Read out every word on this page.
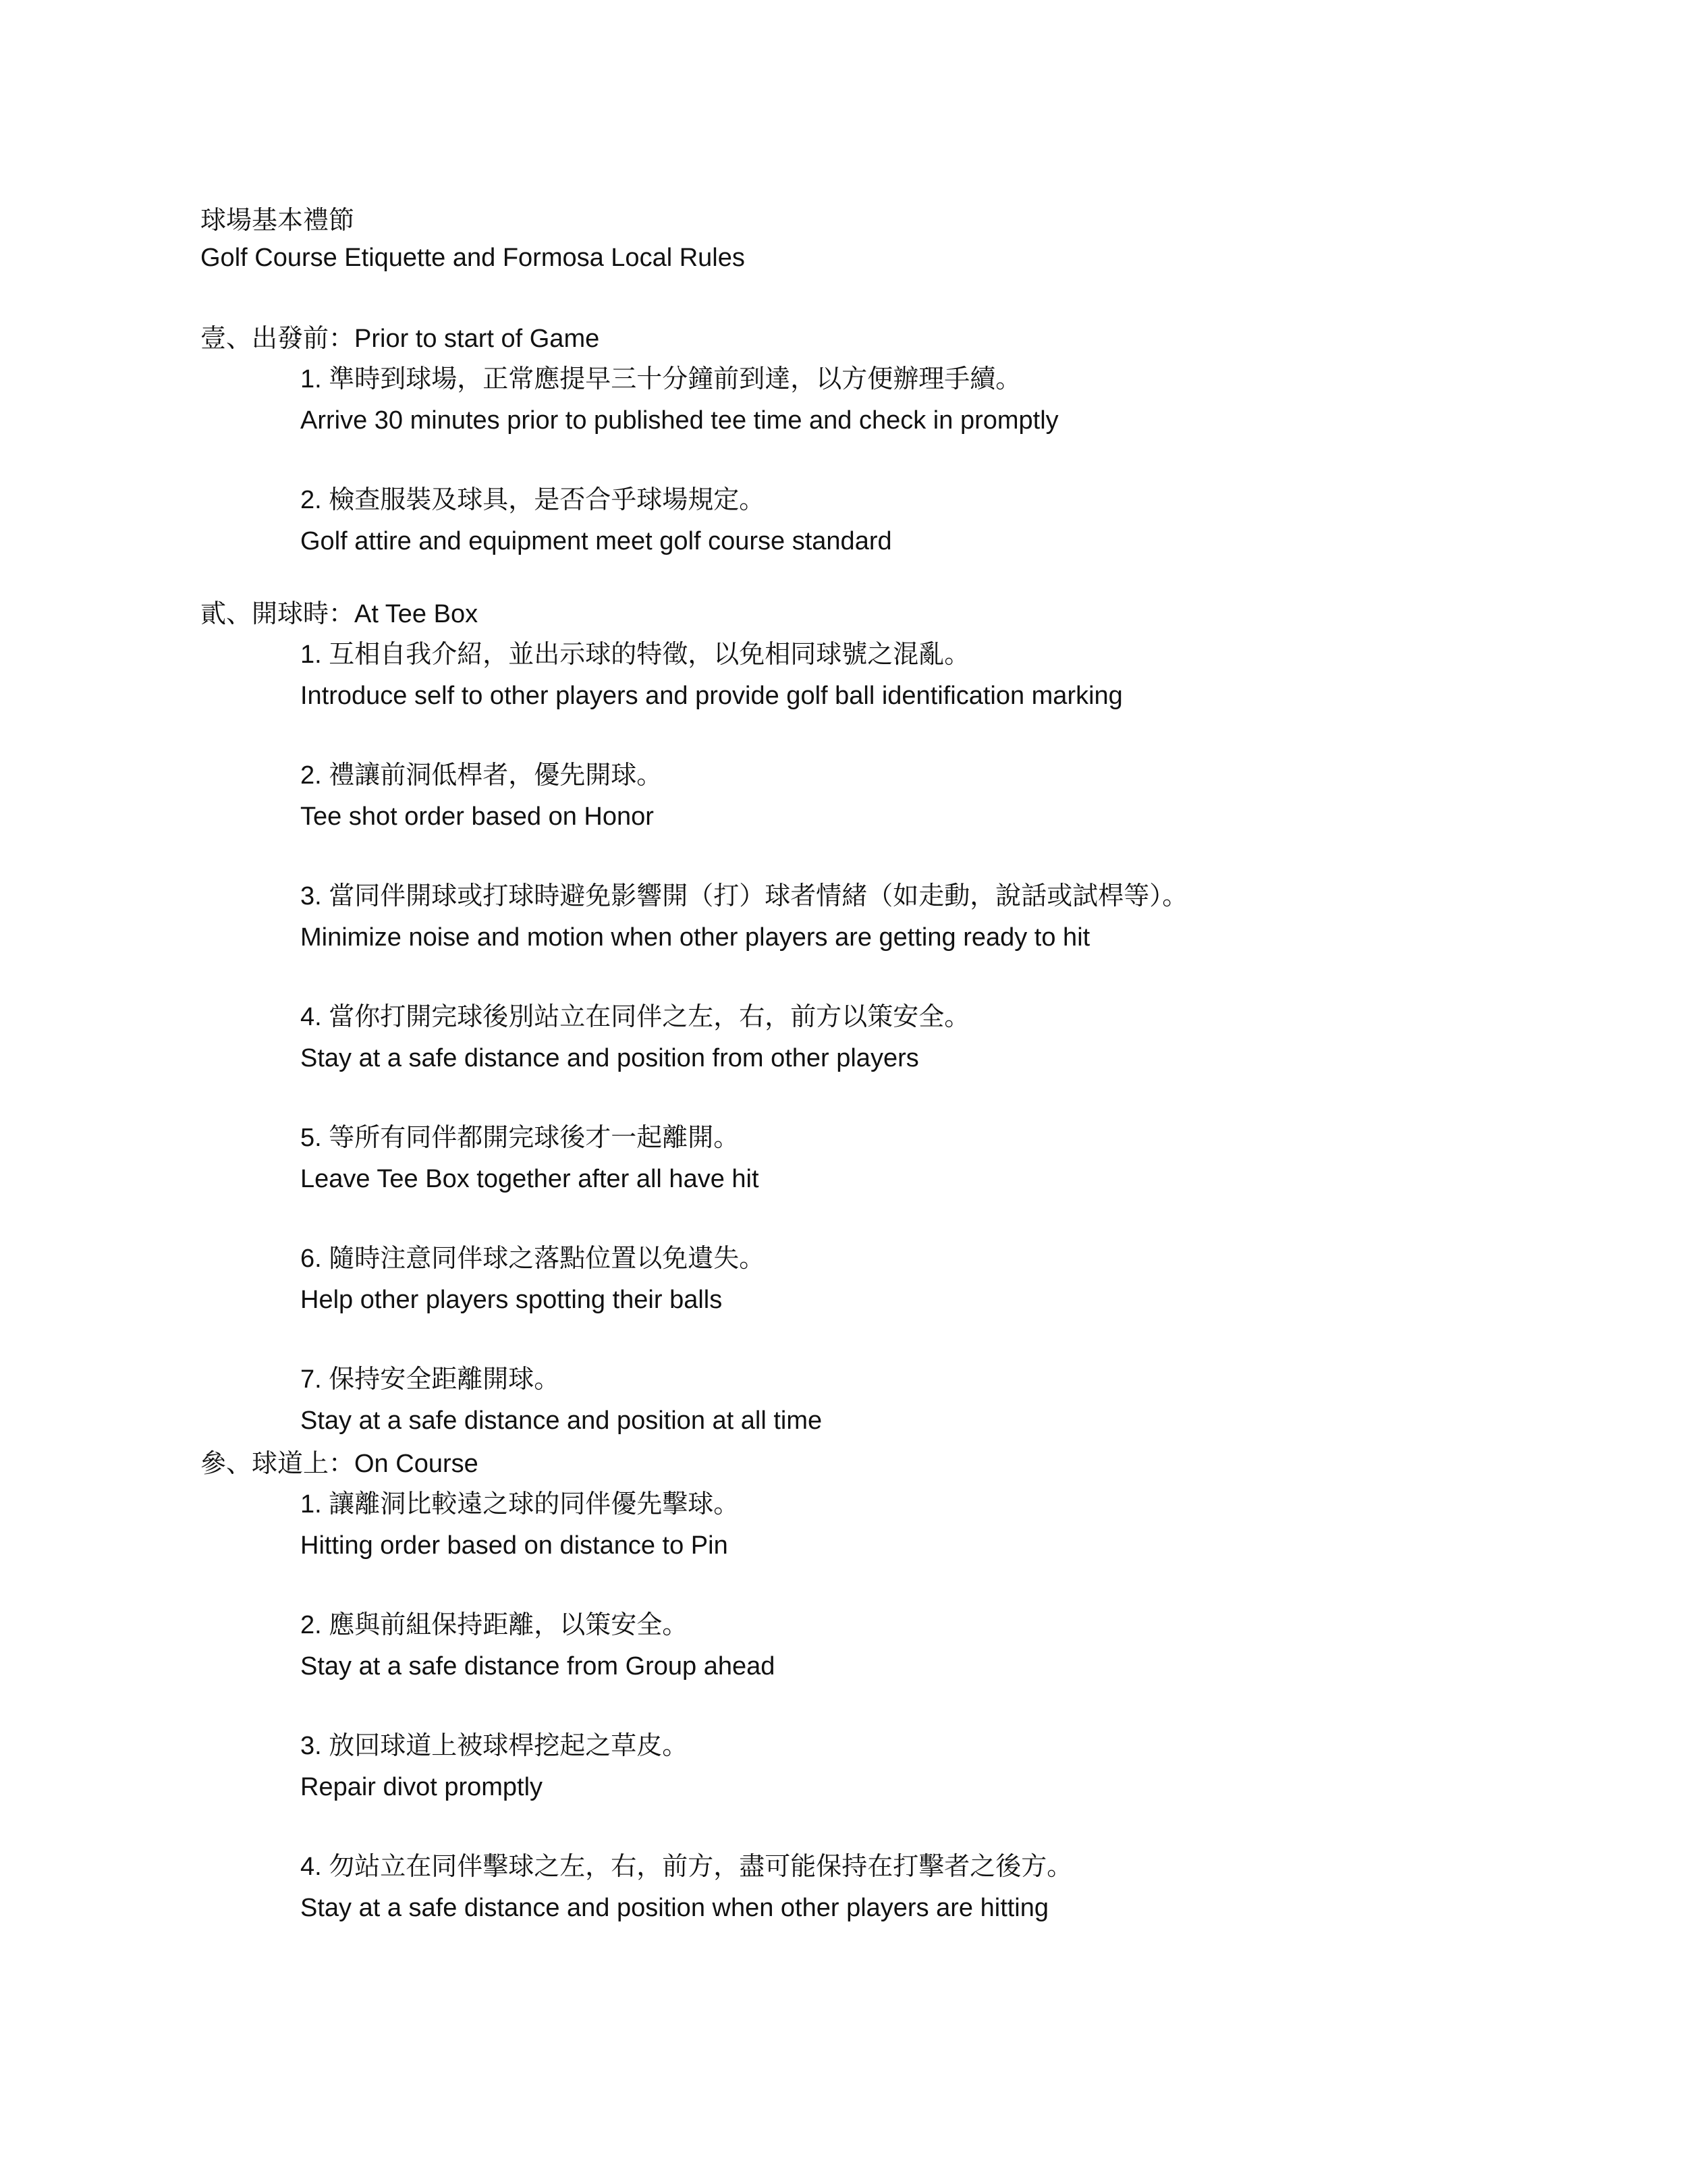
球場基本禮節
Golf Course Etiquette and Formosa Local Rules
壹、出發前：Prior to start of Game
1. 準時到球場，正常應提早三十分鐘前到達，以方便辦理手續。
Arrive 30 minutes prior to published tee time and check in promptly
2. 檢查服裝及球具，是否合乎球場規定。
Golf attire and equipment meet golf course standard
貳、開球時：At Tee Box
1. 互相自我介紹，並出示球的特徵，以免相同球號之混亂。
Introduce self to other players and provide golf ball identification marking
2. 禮讓前洞低桿者，優先開球。
Tee shot order based on Honor
3. 當同伴開球或打球時避免影響開（打）球者情緒（如走動，說話或試桿等）。
Minimize noise and motion when other players are getting ready to hit
4. 當你打開完球後別站立在同伴之左，右，前方以策安全。
Stay at a safe distance and position from other players
5. 等所有同伴都開完球後才一起離開。
Leave Tee Box together after all have hit
6. 隨時注意同伴球之落點位置以免遺失。
Help other players spotting their balls
7. 保持安全距離開球。
Stay at a safe distance and position at all time
參、球道上：On Course
1. 讓離洞比較遠之球的同伴優先擊球。
Hitting order based on distance to Pin
2. 應與前組保持距離，以策安全。
Stay at a safe distance from Group ahead
3. 放回球道上被球桿挖起之草皮。
Repair divot promptly
4. 勿站立在同伴擊球之左，右，前方，盡可能保持在打擊者之後方。
Stay at a safe distance and position when other players are hitting
